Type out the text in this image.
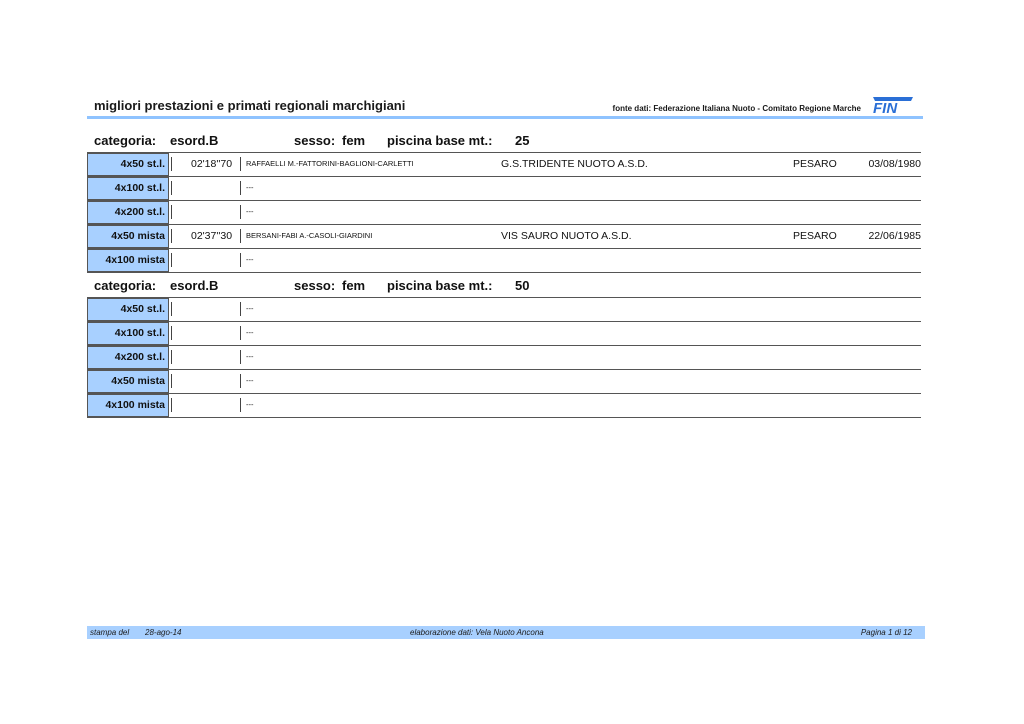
migliori prestazioni e primati regionali marchigiani	fonte dati: Federazione Italiana Nuoto - Comitato Regione Marche FIN
categoria: esord.B	sesso: fem piscina base mt.: 25
4x50 st.l.	02'18''70 RAFFAELLI M.-FATTORINI-BAGLIONI-CARLETTI	G.S.TRIDENTE NUOTO A.S.D.	PESARO	03/08/1980
4x100 st.l.	---
4x200 st.l.	---
4x50 mista	02'37''30 BERSANI-FABI A.-CASOLI-GIARDINI	VIS SAURO NUOTO A.S.D.	PESARO	22/06/1985
4x100 mista	---
categoria: esord.B	sesso: fem piscina base mt.: 50
4x50 st.l.	---
4x100 st.l.	---
4x200 st.l.	---
4x50 mista	---
4x100 mista	---
stampa del 28-ago-14	elaborazione dati: Vela Nuoto Ancona	Pagina 1 di 12
